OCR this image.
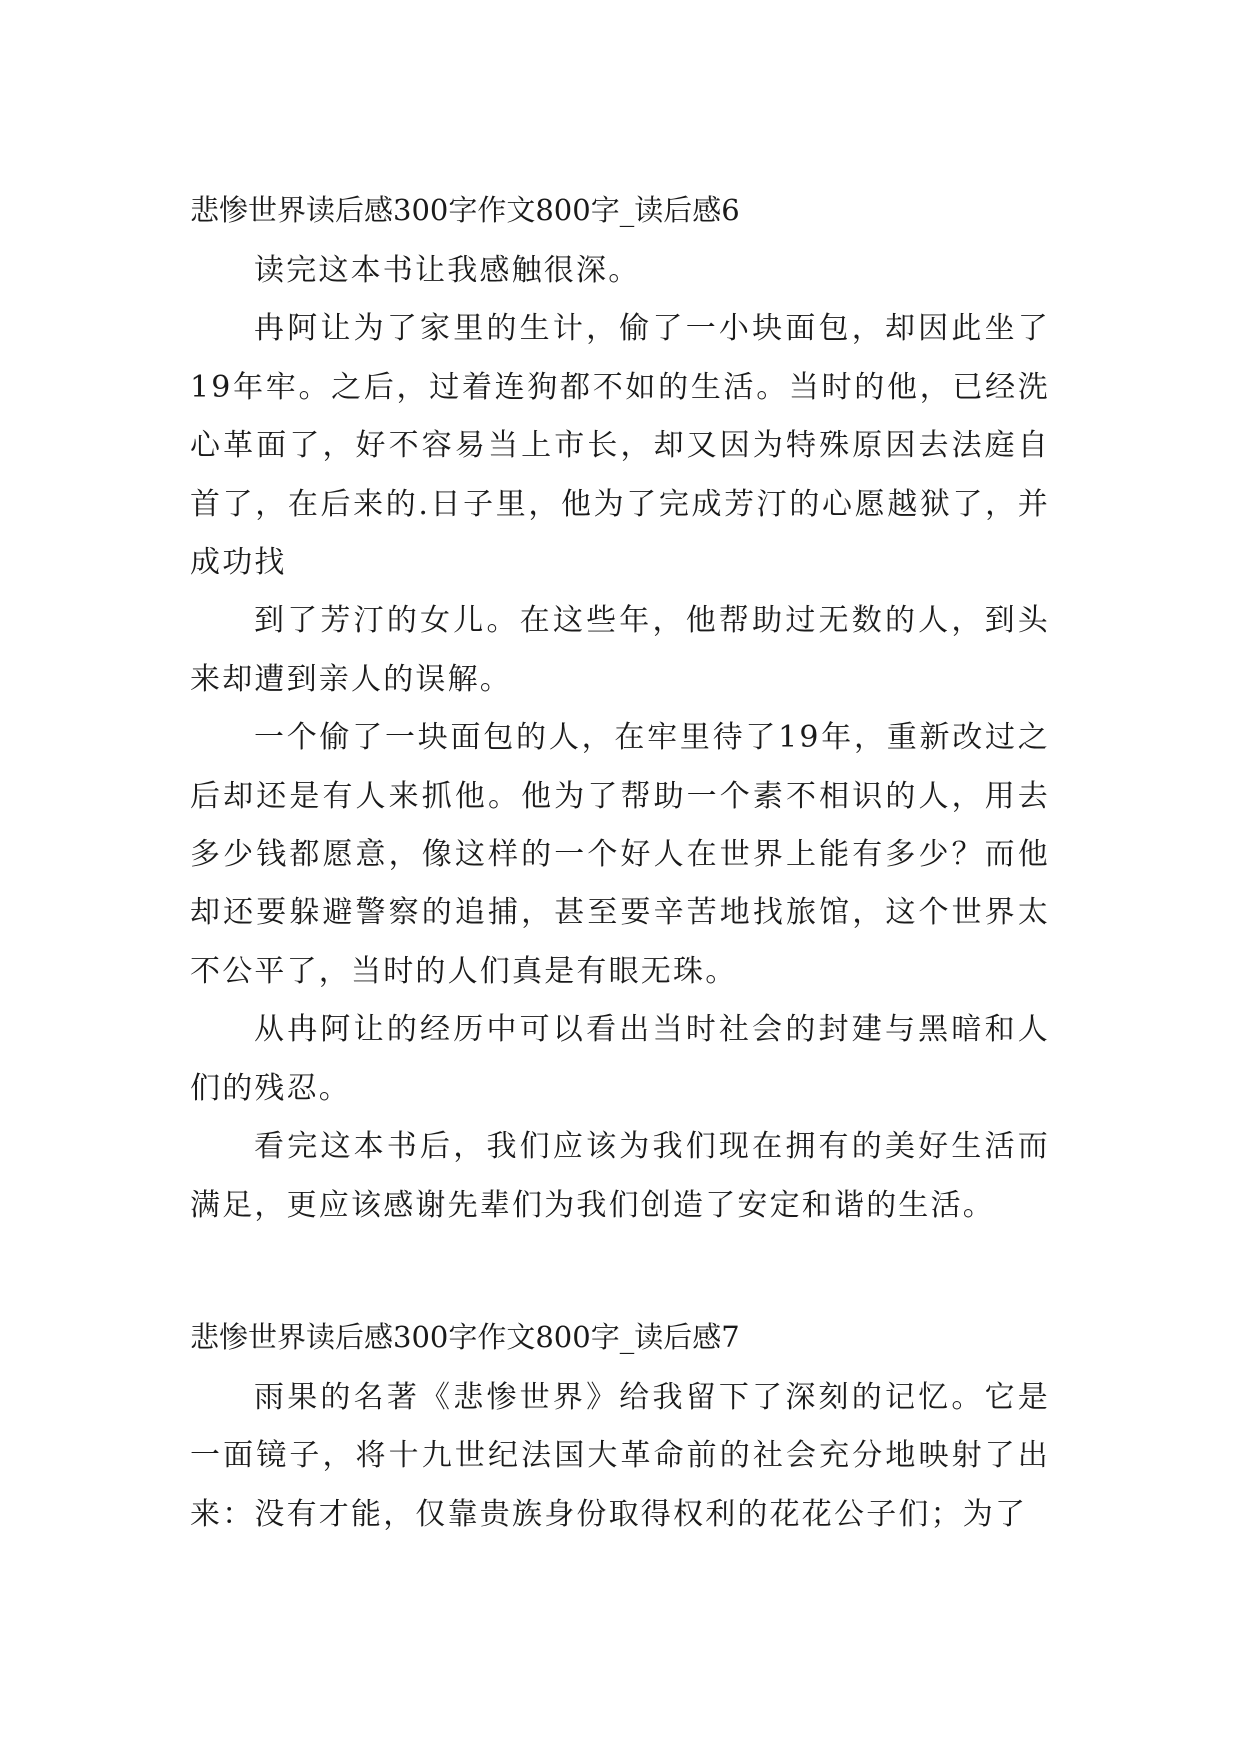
悲惨世界读后感300字作文800字_读后感6

读完这本书让我感触很深。

冉阿让为了家里的生计，偷了一小块面包，却因此坐了19年牢。之后，过着连狗都不如的生活。当时的他，已经洗心革面了，好不容易当上市长，却又因为特殊原因去法庭自首了，在后来的.日子里，他为了完成芳汀的心愿越狱了，并成功找

到了芳汀的女儿。在这些年，他帮助过无数的人，到头来却遭到亲人的误解。

一个偷了一块面包的人，在牢里待了19年，重新改过之后却还是有人来抓他。他为了帮助一个素不相识的人，用去多少钱都愿意，像这样的一个好人在世界上能有多少？而他却还要躲避警察的追捕，甚至要辛苦地找旅馆，这个世界太不公平了，当时的人们真是有眼无珠。

从冉阿让的经历中可以看出当时社会的封建与黑暗和人们的残忍。

看完这本书后，我们应该为我们现在拥有的美好生活而满足，更应该感谢先辈们为我们创造了安定和谐的生活。

悲惨世界读后感300字作文800字_读后感7

雨果的名著《悲惨世界》给我留下了深刻的记忆。它是一面镜子，将十九世纪法国大革命前的社会充分地映射了出来：没有才能，仅靠贵族身份取得权利的花花公子们；为了
